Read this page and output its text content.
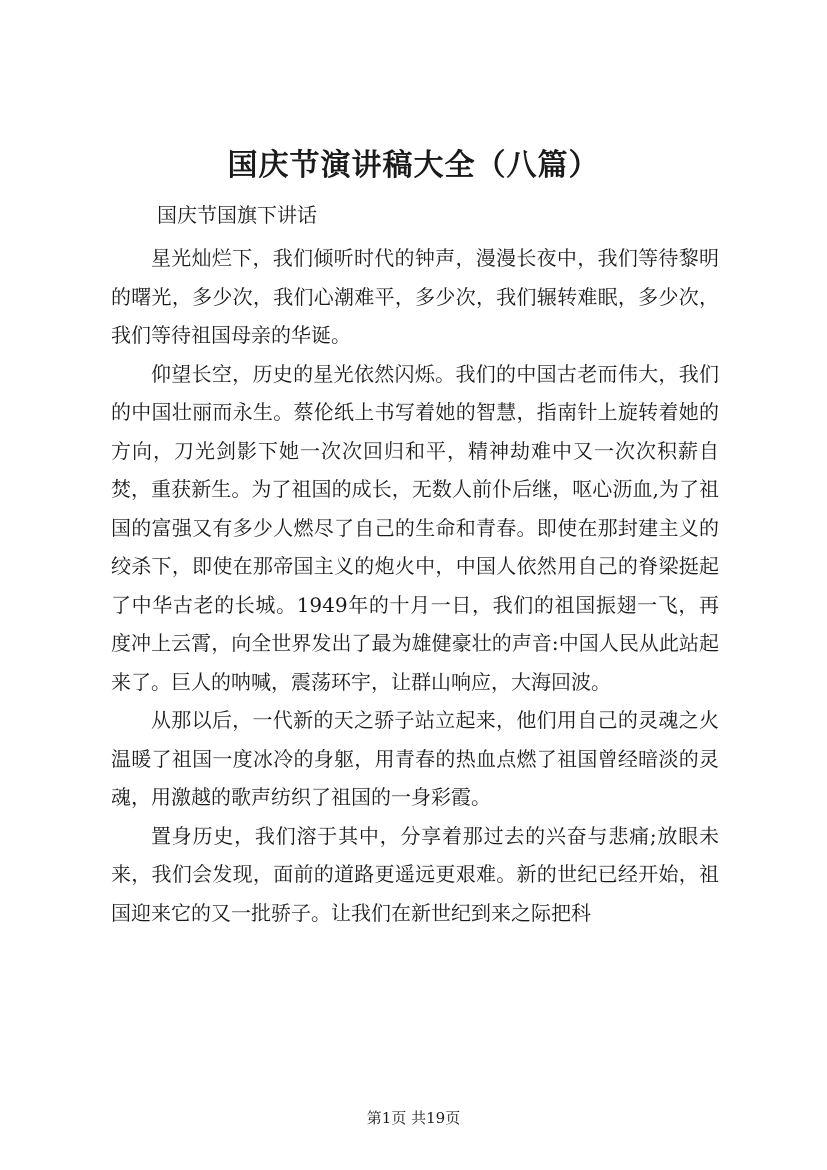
国庆节演讲稿大全（八篇）

国庆节国旗下讲话

星光灿烂下，我们倾听时代的钟声，漫漫长夜中，我们等待黎明的曙光，多少次，我们心潮难平，多少次，我们辗转难眠，多少次，我们等待祖国母亲的华诞。

仰望长空，历史的星光依然闪烁。我们的中国古老而伟大，我们的中国壮丽而永生。蔡伦纸上书写着她的智慧，指南针上旋转着她的方向，刀光剑影下她一次次回归和平，精神劫难中又一次次积薪自焚，重获新生。为了祖国的成长，无数人前仆后继，呕心沥血,为了祖国的富强又有多少人燃尽了自己的生命和青春。即使在那封建主义的绞杀下，即使在那帝国主义的炮火中，中国人依然用自己的脊梁挺起了中华古老的长城。1949年的十月一日，我们的祖国振翅一飞，再度冲上云霄，向全世界发出了最为雄健豪壮的声音:中国人民从此站起来了。巨人的呐喊，震荡环宇，让群山响应，大海回波。

从那以后，一代新的天之骄子站立起来，他们用自己的灵魂之火温暖了祖国一度冰冷的身躯，用青春的热血点燃了祖国曾经暗淡的灵魂，用激越的歌声纺织了祖国的一身彩霞。

置身历史，我们溶于其中，分享着那过去的兴奋与悲痛;放眼未来，我们会发现，面前的道路更遥远更艰难。新的世纪已经开始，祖国迎来它的又一批骄子。让我们在新世纪到来之际把科

第1页 共19页
